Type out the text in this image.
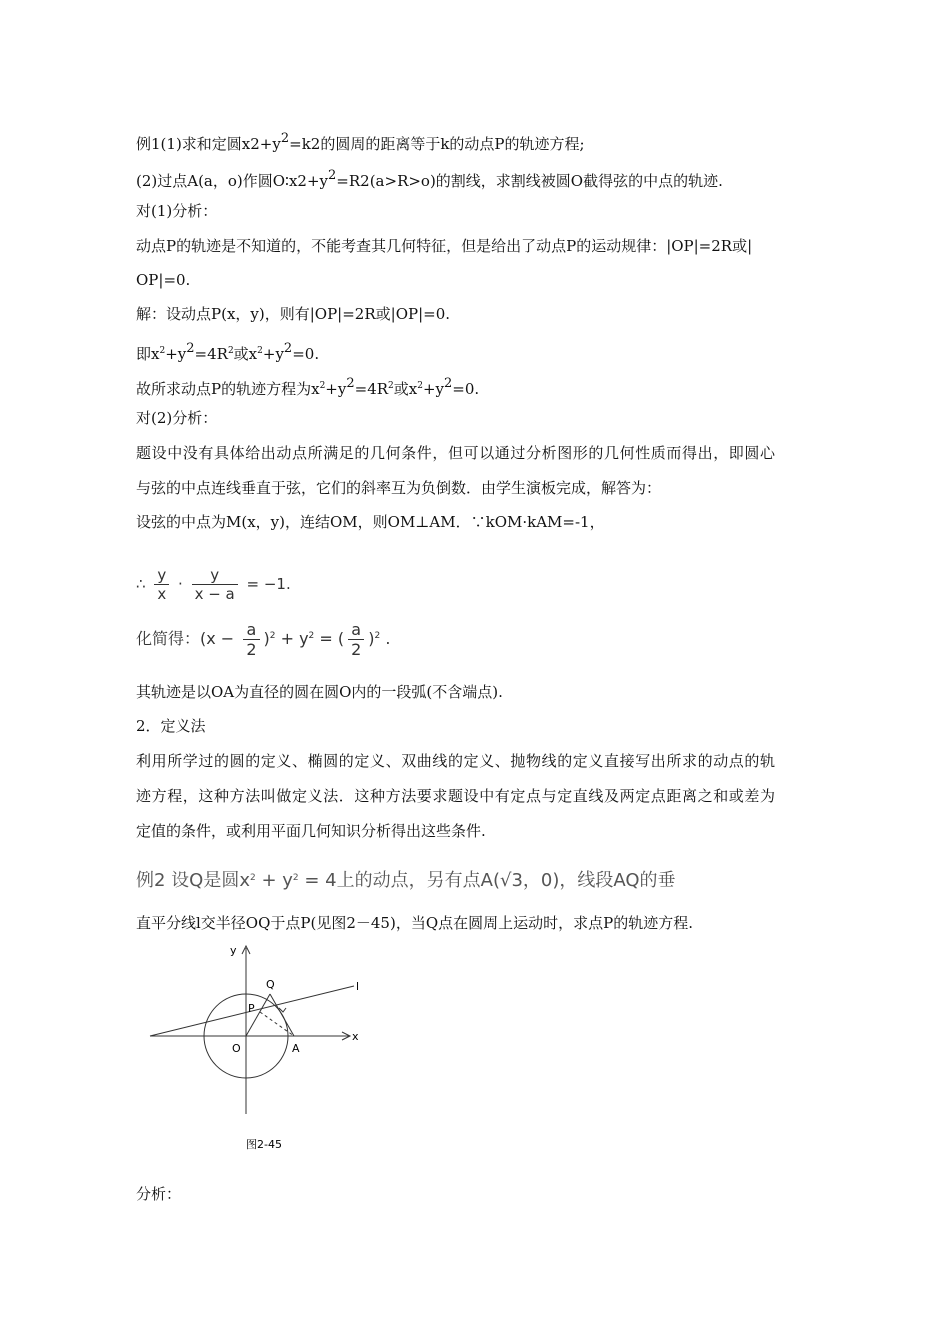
例1(1)求和定圆$x2+y^2=k2$的圆周的距离等于k的动点P的轨迹方程;
(2)过点A(a，o)作圆$O∶x2+y^2=R2(a>R>o)$的割线，求割线被圆O截得弦的中点的轨迹.
对(1)分析：
动点P的轨迹是不知道的，不能考查其几何特征，但是给出了动点P的运动规律：|OP|=2R或|
OP|=0.
解：设动点P(x，y)，则有|OP|=2R或|OP|=0.
即$x^2+y^2=4R^2$或$x^2+y^2=0$.
故所求动点P的轨迹方程为$x^2+y^2=4R^2$或$x^2+y^2=0$.
对(2)分析：
题设中没有具体给出动点所满足的几何条件，但可以通过分析图形的几何性质而得出，即圆心
与弦的中点连线垂直于弦，它们的斜率互为负倒数．由学生演板完成，解答为：
设弦的中点为M(x，y)，连结OM，则OM⊥AM．∵kOM·kAM=-1，
∴ $\frac{y}{x} \cdot \frac{y}{x - a} = -1$.
化简得：$(x - \frac{a}{2} )^2 + y^2$ = ( $\frac{a}{2} )^2$ .
其轨迹是以OA为直径的圆在圆O内的一段弧(不含端点).
2．定义法
利用所学过的圆的定义、椭圆的定义、双曲线的定义、抛物线的定义直接写出所求的动点的轨
迹方程，这种方法叫做定义法．这种方法要求题设中有定点与定直线及两定点距离之和或差为
定值的条件，或利用平面几何知识分析得出这些条件.
例2 设Q是圆$x^2 + y^2 = 4$上的动点，另有点A(√3，0)，线段AQ的垂
直平分线l交半径OQ于点P(见图2－45)，当Q点在圆周上运动时，求点P的轨迹方程.
y
x
Q
P
O	A
l
图2-45
分析：
